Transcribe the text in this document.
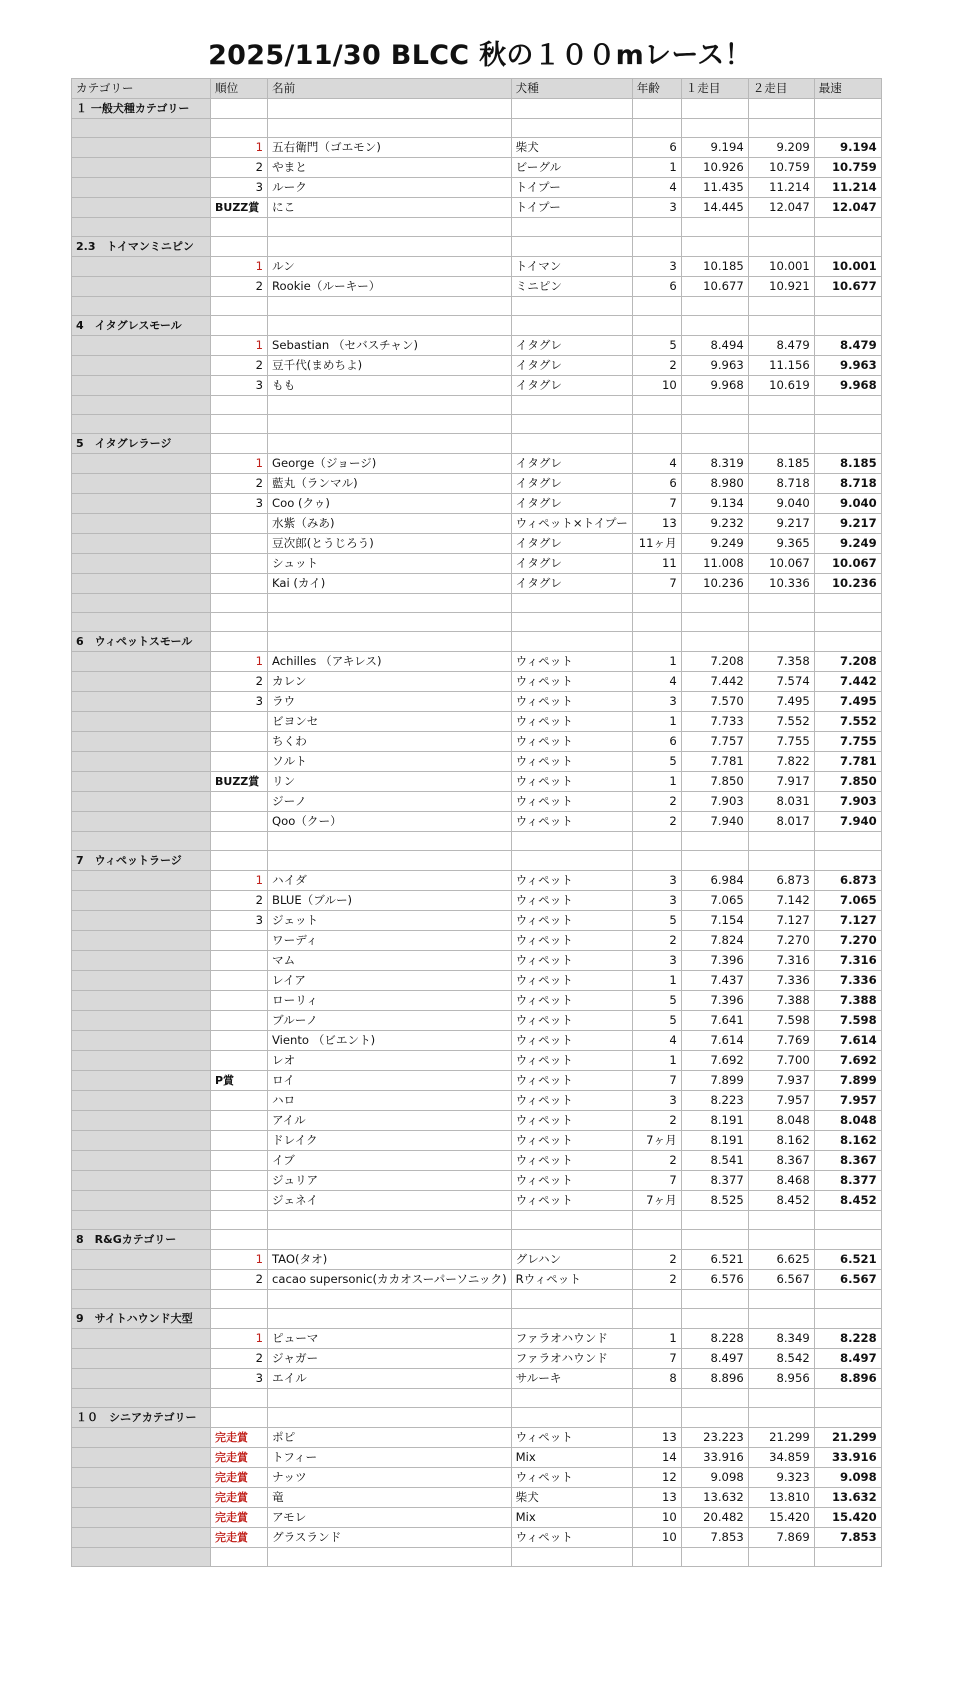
2025/11/30 BLCC 秋の１００mレース！
カテゴリー	順位	名前	犬種	年齢	１走目	２走目	最速
１ 一般犬種カテゴリー							

	1	五右衛門（ゴエモン)	柴犬	6	9.194	9.209	9.194
	2	やまと	ビーグル	1	10.926	10.759	10.759
	3	ルーク	トイプー	4	11.435	11.214	11.214
	BUZZ賞	にこ	トイプー	3	14.445	12.047	12.047

2.3　トイマンミニピン							
	1	ルン	トイマン	3	10.185	10.001	10.001
	2	Rookie（ルーキー）	ミニピン	6	10.677	10.921	10.677

4　イタグレスモール							
	1	Sebastian （セバスチャン)	イタグレ	5	8.494	8.479	8.479
	2	豆千代(まめちよ)	イタグレ	2	9.963	11.156	9.963
	3	もも	イタグレ	10	9.968	10.619	9.968

5　イタグレラージ							
	1	George（ジョージ)	イタグレ	4	8.319	8.185	8.185
	2	藍丸（ランマル)	イタグレ	6	8.980	8.718	8.718
	3	Coo (クゥ)	イタグレ	7	9.134	9.040	9.040
		水紫（みあ)	ウィペット×トイプー	13	9.232	9.217	9.217
		豆次郎(とうじろう)	イタグレ	11ヶ月	9.249	9.365	9.249
		シュット	イタグレ	11	11.008	10.067	10.067
		Kai (カイ)	イタグレ	7	10.236	10.336	10.236

6　ウィペットスモール							
	1	Achilles （アキレス)	ウィペット	1	7.208	7.358	7.208
	2	カレン	ウィペット	4	7.442	7.574	7.442
	3	ラウ	ウィペット	3	7.570	7.495	7.495
		ビヨンセ	ウィペット	1	7.733	7.552	7.552
		ちくわ	ウィペット	6	7.757	7.755	7.755
		ソルト	ウィペット	5	7.781	7.822	7.781
	BUZZ賞	リン	ウィペット	1	7.850	7.917	7.850
		ジーノ	ウィペット	2	7.903	8.031	7.903
		Qoo（クー）	ウィペット	2	7.940	8.017	7.940

7　ウィペットラージ							
	1	ハイダ	ウィペット	3	6.984	6.873	6.873
	2	BLUE（ブルー)	ウィペット	3	7.065	7.142	7.065
	3	ジェット	ウィペット	5	7.154	7.127	7.127
		ワーディ	ウィペット	2	7.824	7.270	7.270
		マム	ウィペット	3	7.396	7.316	7.316
		レイア	ウィペット	1	7.437	7.336	7.336
		ローリィ	ウィペット	5	7.396	7.388	7.388
		ブルーノ	ウィペット	5	7.641	7.598	7.598
		Viento （ビエント)	ウィペット	4	7.614	7.769	7.614
		レオ	ウィペット	1	7.692	7.700	7.692
	P賞	ロイ	ウィペット	7	7.899	7.937	7.899
		ハロ	ウィペット	3	8.223	7.957	7.957
		アイル	ウィペット	2	8.191	8.048	8.048
		ドレイク	ウィペット	7ヶ月	8.191	8.162	8.162
		イブ	ウィペット	2	8.541	8.367	8.367
		ジュリア	ウィペット	7	8.377	8.468	8.377
		ジェネイ	ウィペット	7ヶ月	8.525	8.452	8.452

8　R&Gカテゴリー							
	1	TAO(タオ)	グレハン	2	6.521	6.625	6.521
	2	cacao supersonic(カカオスーパーソニック)	Rウィペット	2	6.576	6.567	6.567

9　サイトハウンド大型							
	1	ピューマ	ファラオハウンド	1	8.228	8.349	8.228
	2	ジャガー	ファラオハウンド	7	8.497	8.542	8.497
	3	エイル	サルーキ	8	8.896	8.956	8.896

１０　シニアカテゴリー							
	完走賞	ポピ	ウィペット	13	23.223	21.299	21.299
	完走賞	トフィー	Mix	14	33.916	34.859	33.916
	完走賞	ナッツ	ウィペット	12	9.098	9.323	9.098
	完走賞	竜	柴犬	13	13.632	13.810	13.632
	完走賞	アモレ	Mix	10	20.482	15.420	15.420
	完走賞	グラスランド	ウィペット	10	7.853	7.869	7.853
